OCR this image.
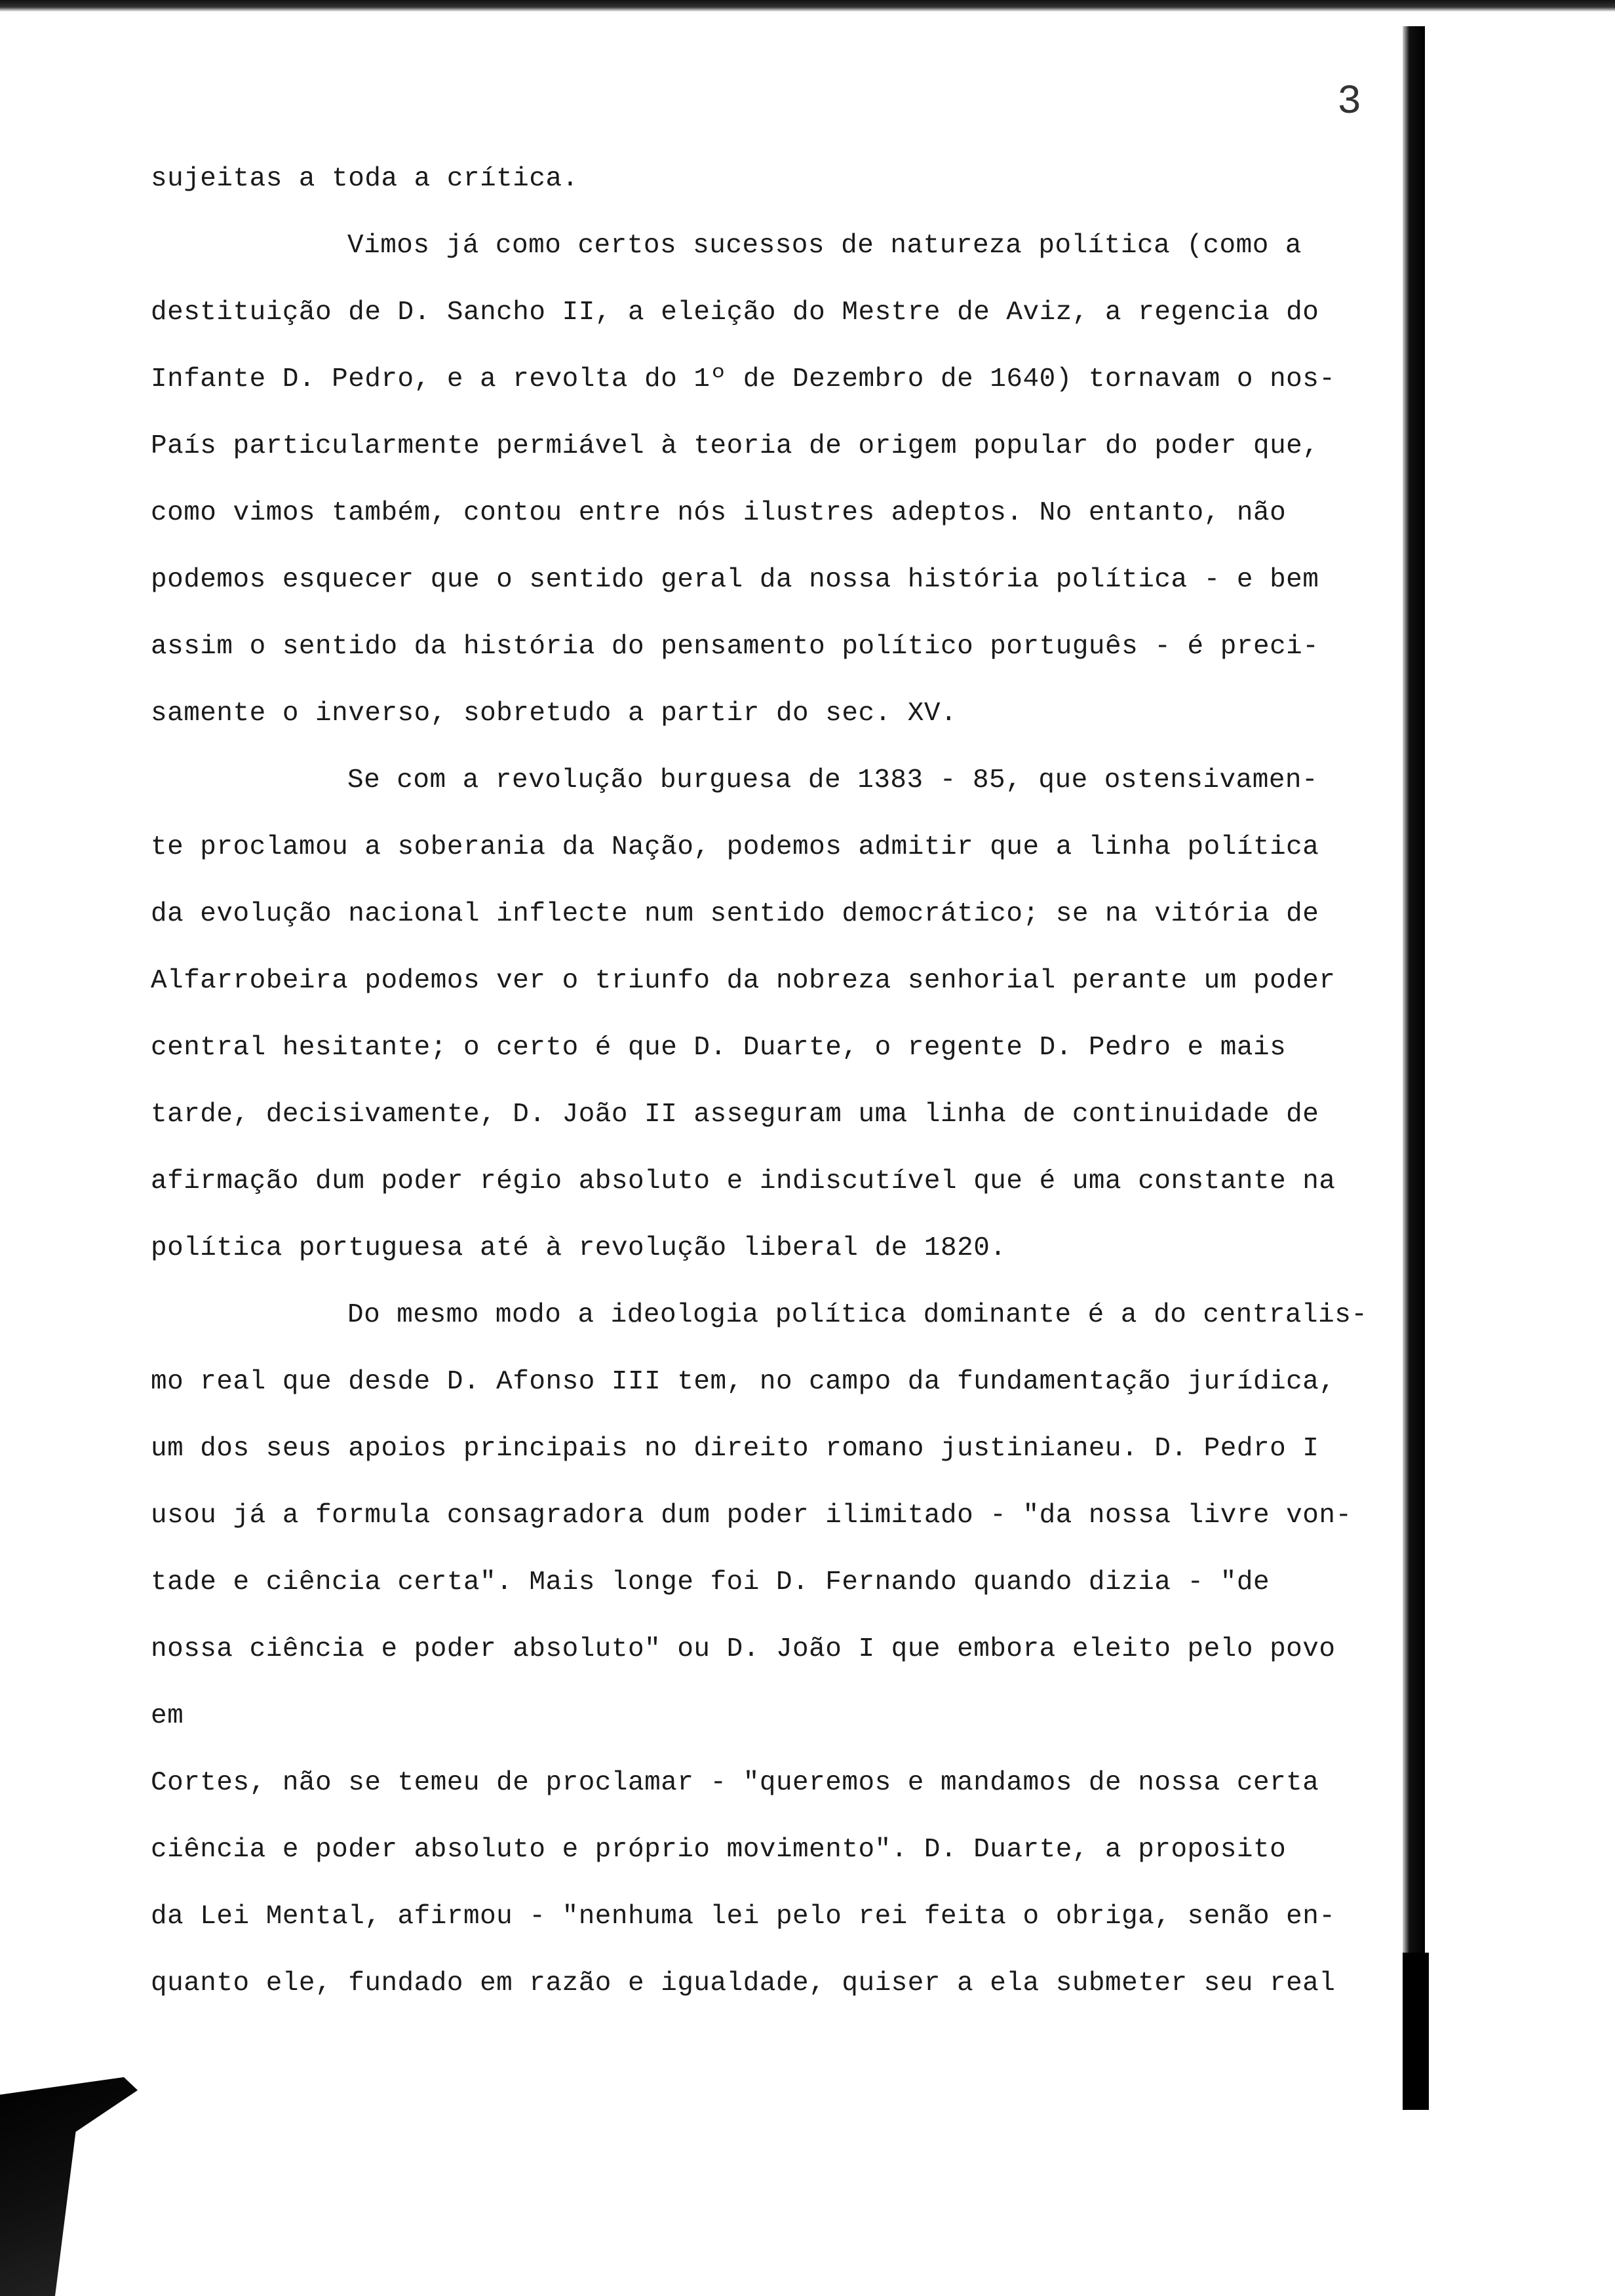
3

sujeitas a toda a crítica.

Vimos já como certos sucessos de natureza política (como a

destituição de D. Sancho II, a eleição do Mestre de Aviz, a regencia do

Infante D. Pedro, e a revolta do 1º de Dezembro de 1640) tornavam o nos-

País particularmente permiável à teoria de origem popular do poder que,

como vimos também, contou entre nós ilustres adeptos. No entanto, não

podemos esquecer que o sentido geral da nossa história política - e bem

assim o sentido da história do pensamento político português - é preci-

samente o inverso, sobretudo a partir do sec. XV.

Se com a revolução burguesa de 1383 - 85, que ostensivamen-

te proclamou a soberania da Nação, podemos admitir que a linha política

da evolução nacional inflecte num sentido democrático; se na vitória de

Alfarrobeira podemos ver o triunfo da nobreza senhorial perante um poder

central hesitante; o certo é que D. Duarte, o regente D. Pedro e mais

tarde, decisivamente, D. João II asseguram uma linha de continuidade de

afirmação dum poder régio absoluto e indiscutível que é uma constante na

política portuguesa até à revolução liberal de 1820.

Do mesmo modo a ideologia política dominante é a do centralis-

mo real que desde D. Afonso III tem, no campo da fundamentação jurídica,

um dos seus apoios principais no direito romano justinianeu. D. Pedro I

usou já a formula consagradora dum poder ilimitado - "da nossa livre von-

tade e ciência certa". Mais longe foi D. Fernando quando dizia - "de

nossa ciência e poder absoluto" ou D. João I que embora eleito pelo povo em

Cortes, não se temeu de proclamar - "queremos e mandamos de nossa certa

ciência e poder absoluto e próprio movimento". D. Duarte, a proposito

da Lei Mental, afirmou - "nenhuma lei pelo rei feita o obriga, senão en-

quanto ele, fundado em razão e igualdade, quiser a ela submeter seu real
